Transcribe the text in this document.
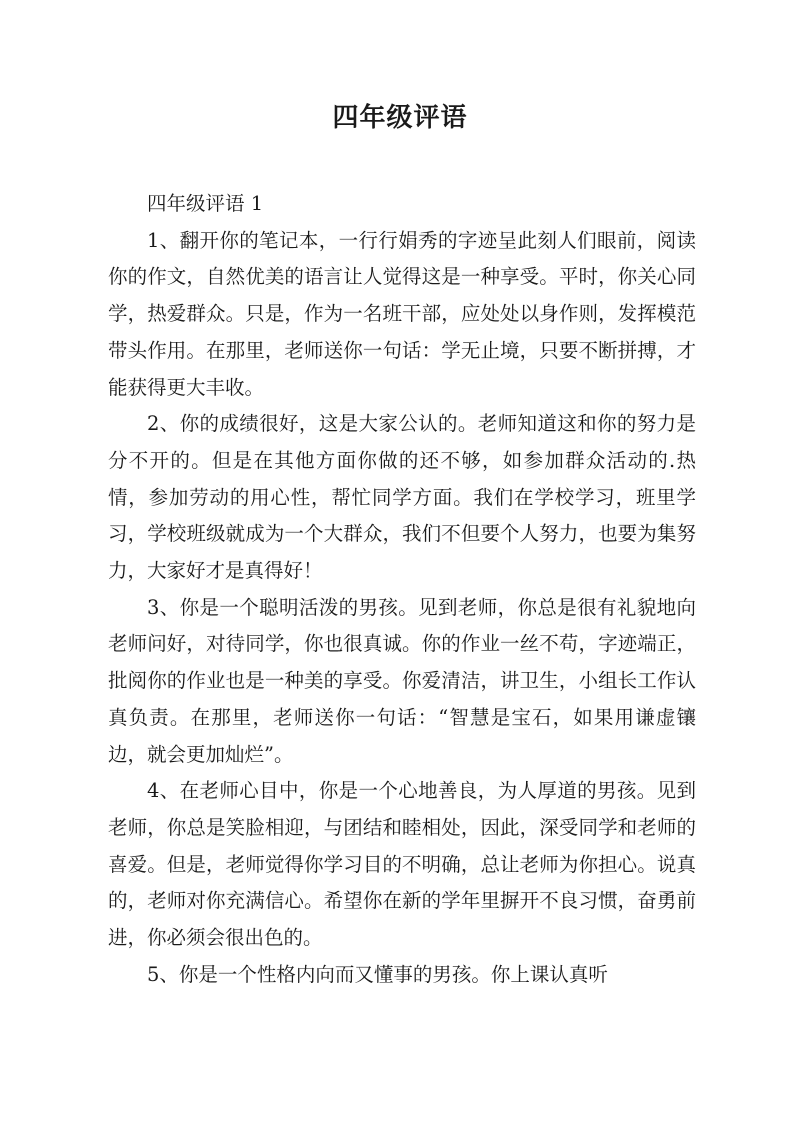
四年级评语
四年级评语 1

1、翻开你的笔记本，一行行娟秀的字迹呈此刻人们眼前，阅读你的作文，自然优美的语言让人觉得这是一种享受。平时，你关心同学，热爱群众。只是，作为一名班干部，应处处以身作则，发挥模范带头作用。在那里，老师送你一句话：学无止境，只要不断拼搏，才能获得更大丰收。

2、你的成绩很好，这是大家公认的。老师知道这和你的努力是分不开的。但是在其他方面你做的还不够，如参加群众活动的.热情，参加劳动的用心性，帮忙同学方面。我们在学校学习，班里学习，学校班级就成为一个大群众，我们不但要个人努力，也要为集努力，大家好才是真得好！

3、你是一个聪明活泼的男孩。见到老师，你总是很有礼貌地向老师问好，对待同学，你也很真诚。你的作业一丝不苟，字迹端正，批阅你的作业也是一种美的享受。你爱清洁，讲卫生，小组长工作认真负责。在那里，老师送你一句话：“智慧是宝石，如果用谦虚镶边，就会更加灿烂”。

4、在老师心目中，你是一个心地善良，为人厚道的男孩。见到老师，你总是笑脸相迎，与团结和睦相处，因此，深受同学和老师的喜爱。但是，老师觉得你学习目的不明确，总让老师为你担心。说真的，老师对你充满信心。希望你在新的学年里摒开不良习惯，奋勇前进，你必须会很出色的。

5、你是一个性格内向而又懂事的男孩。你上课认真听
